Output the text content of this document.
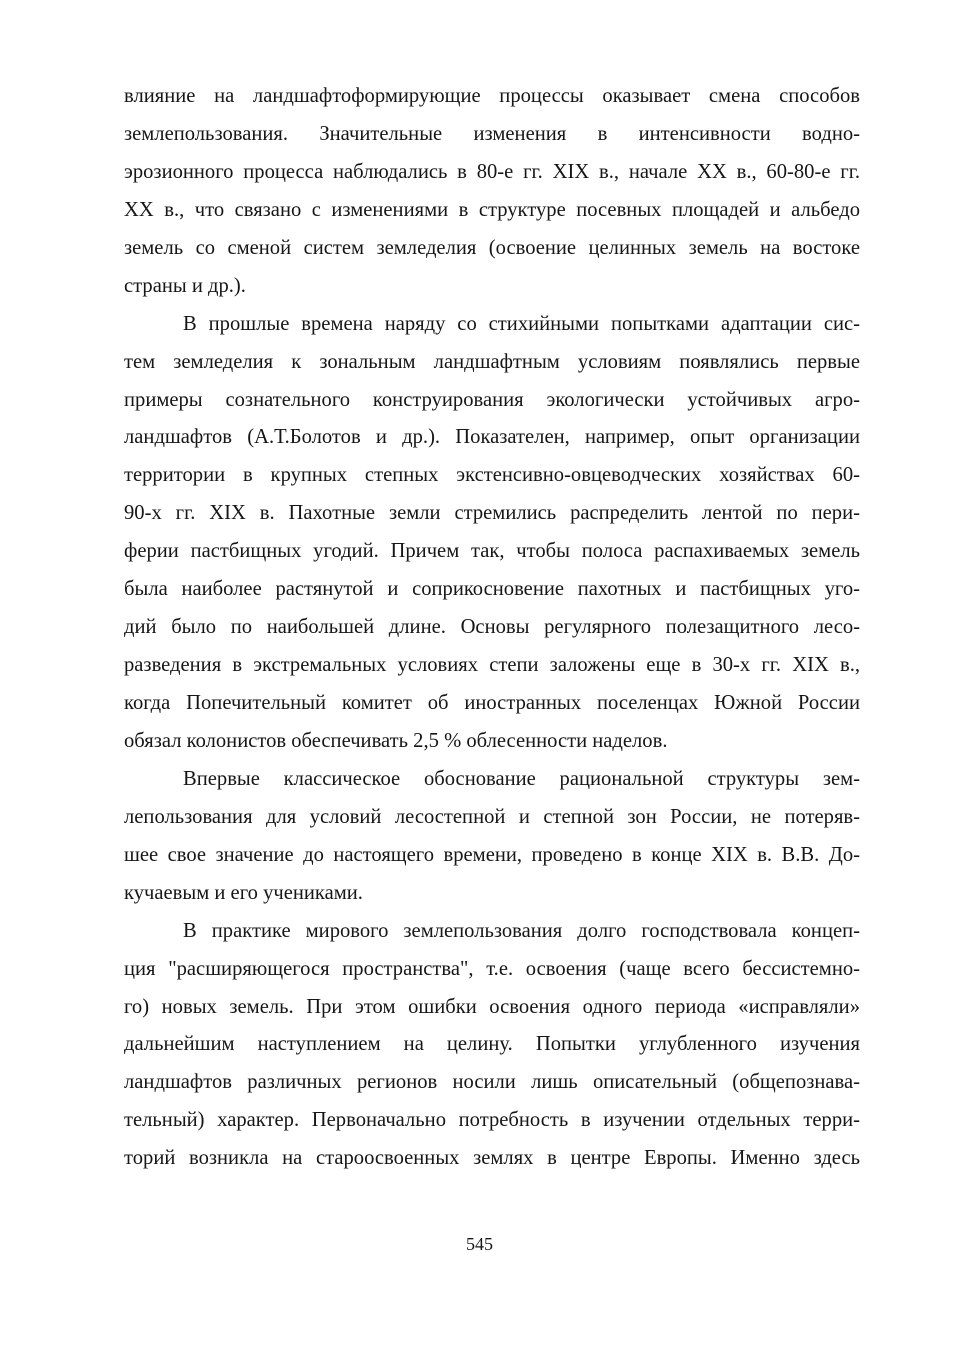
влияние на ландшафтоформирующие процессы оказывает смена способов
землепользования. Значительные изменения в интенсивности водно-
эрозионного процесса наблюдались в 80-е гг. XIX в., начале XX в., 60-80-е гг.
XX в., что связано с изменениями в структуре посевных площадей и альбедо
земель со сменой систем земледелия (освоение целинных земель на востоке
страны и др.).
В прошлые времена наряду со стихийными попытками адаптации сис-
тем земледелия к зональным ландшафтным условиям появлялись первые
примеры сознательного конструирования экологически устойчивых агро-
ландшафтов (А.Т.Болотов и др.). Показателен, например, опыт организации
территории в крупных степных экстенсивно-овцеводческих хозяйствах 60-
90-х гг. XIX в. Пахотные земли стремились распределить лентой по пери-
ферии пастбищных угодий. Причем так, чтобы полоса распахиваемых земель
была наиболее растянутой и соприкосновение пахотных и пастбищных уго-
дий было по наибольшей длине. Основы регулярного полезащитного лесо-
разведения в экстремальных условиях степи заложены еще в 30-х гг. XIX в.,
когда Попечительный комитет об иностранных поселенцах Южной России
обязал колонистов обеспечивать 2,5 % облесенности наделов.
Впервые классическое обоснование рациональной структуры зем-
лепользования для условий лесостепной и степной зон России, не потеряв-
шее свое значение до настоящего времени, проведено в конце XIX в. В.В. До-
кучаевым и его учениками.
В практике мирового землепользования долго господствовала концеп-
ция "расширяющегося пространства", т.е. освоения (чаще всего бессистемно-
го) новых земель. При этом ошибки освоения одного периода «исправляли»
дальнейшим наступлением на целину. Попытки углубленного изучения
ландшафтов различных регионов носили лишь описательный (общепознава-
тельный) характер. Первоначально потребность в изучении отдельных терри-
торий возникла на старoосвоенных землях в центре Европы. Именно здесь
545
